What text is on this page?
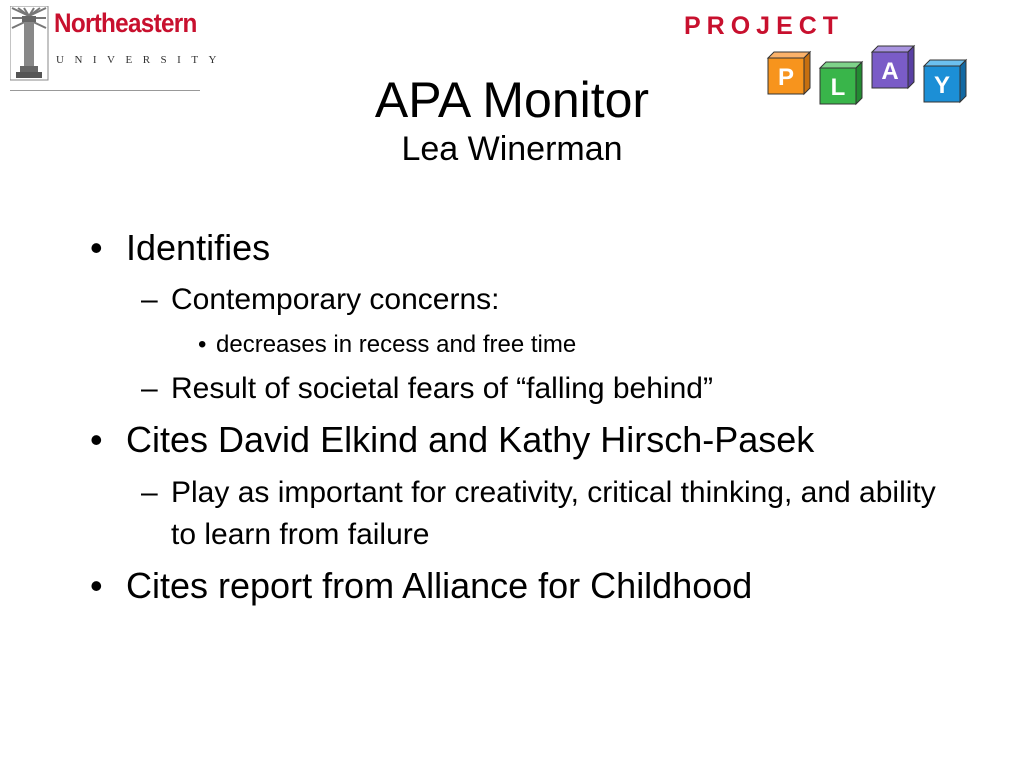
Northeastern
UNIVERSITY
PROJECT
P L
A
Y
APA Monitor
Lea Winerman
• Identifies
– Contemporary concerns:
• decreases in recess and free time
– Result of societal fears of “falling behind”
• Cites David Elkind and Kathy Hirsch-Pasek
– Play as important for creativity, critical thinking, and ability to learn from failure
• Cites report from Alliance for Childhood
